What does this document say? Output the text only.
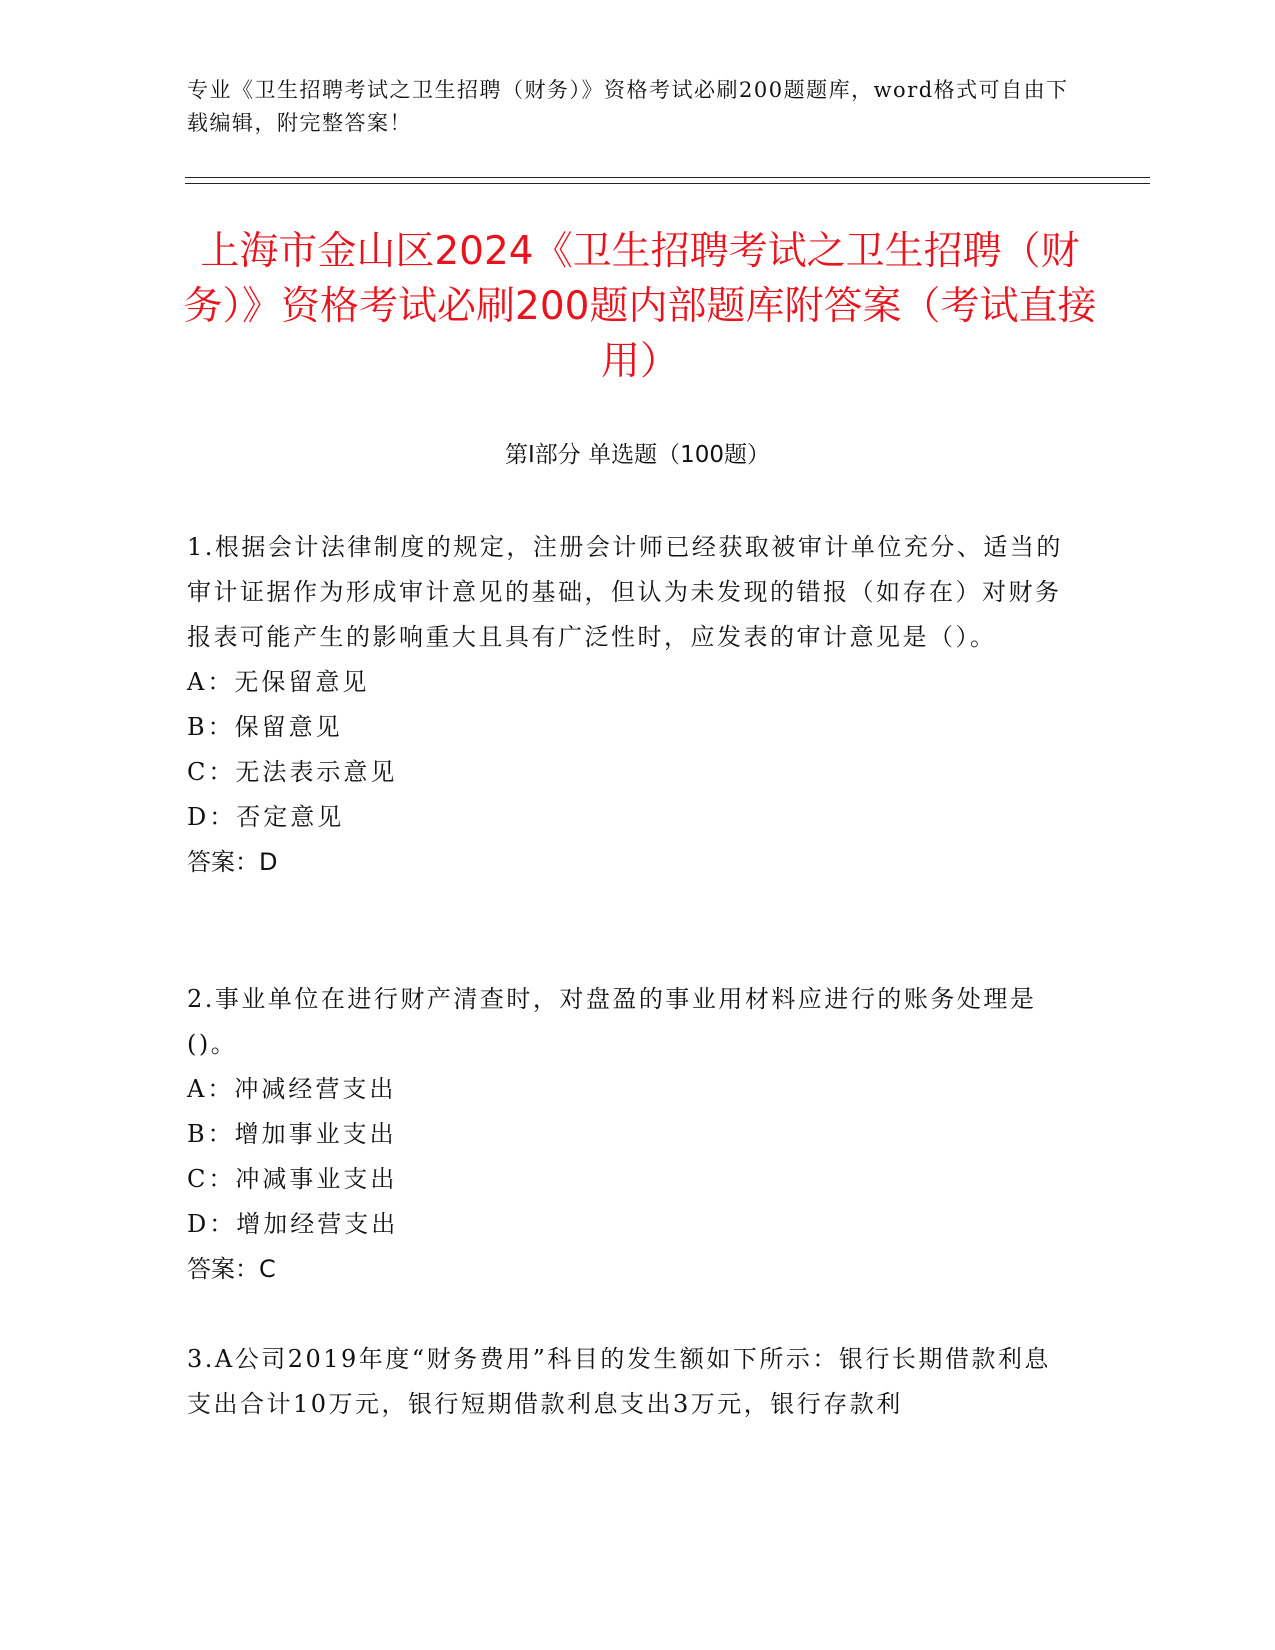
专业《卫生招聘考试之卫生招聘（财务）》资格考试必刷200题题库，word格式可自由下载编辑，附完整答案！
上海市金山区2024《卫生招聘考试之卫生招聘（财务）》资格考试必刷200题内部题库附答案（考试直接用）
第Ⅰ部分 单选题（100题）

1.根据会计法律制度的规定，注册会计师已经获取被审计单位充分、适当的审计证据作为形成审计意见的基础，但认为未发现的错报（如存在）对财务报表可能产生的影响重大且具有广泛性时，应发表的审计意见是（）。

A：无保留意见

B：保留意见

C：无法表示意见

D：否定意见

答案：D

2.事业单位在进行财产清查时，对盘盈的事业用材料应进行的账务处理是()。

A：冲减经营支出

B：增加事业支出

C：冲减事业支出

D：增加经营支出

答案：C

3.A公司2019年度“财务费用”科目的发生额如下所示：银行长期借款利息支出合计10万元，银行短期借款利息支出3万元，银行存款利
